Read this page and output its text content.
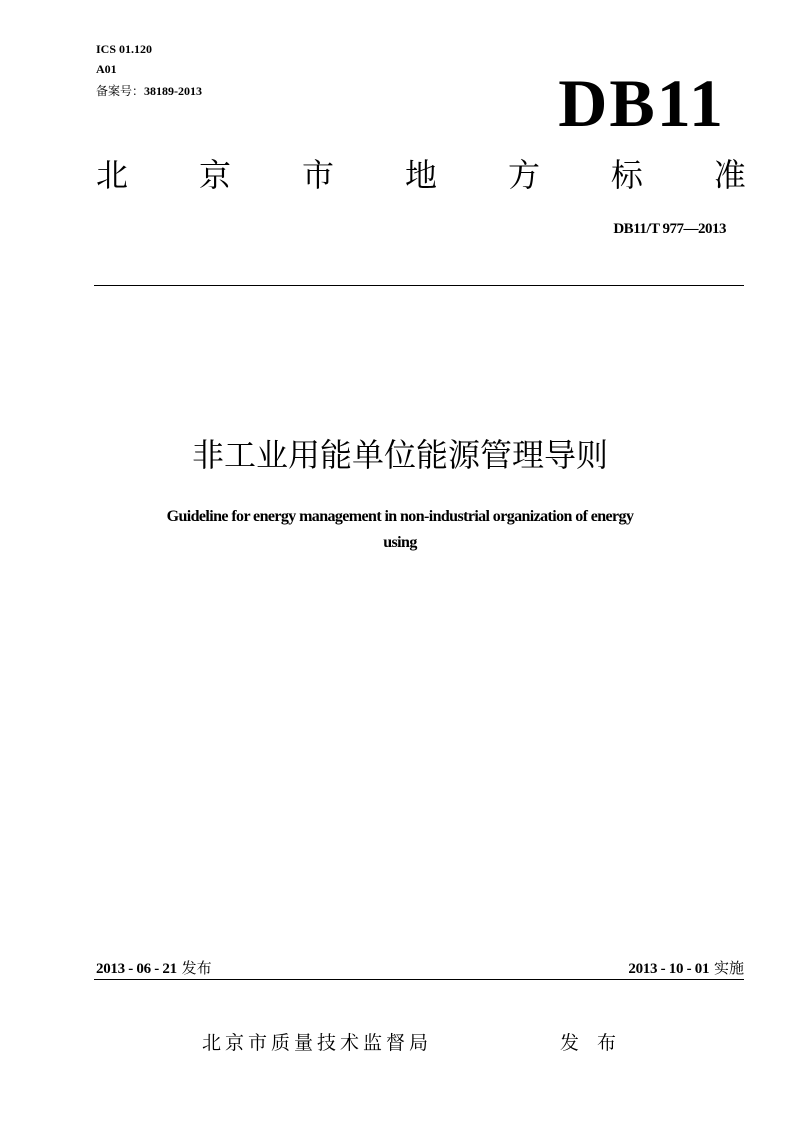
ICS 01.120
A01
备案号：38189-2013	DB11
北 京 市 地 方 标 准
DB11/T 977—2013
非工业用能单位能源管理导则
Guideline for energy management in non-industrial organization of energy
using
2013 - 06 - 21 发布	2013 - 10 - 01 实施
北京市质量技术监督局	发 布
